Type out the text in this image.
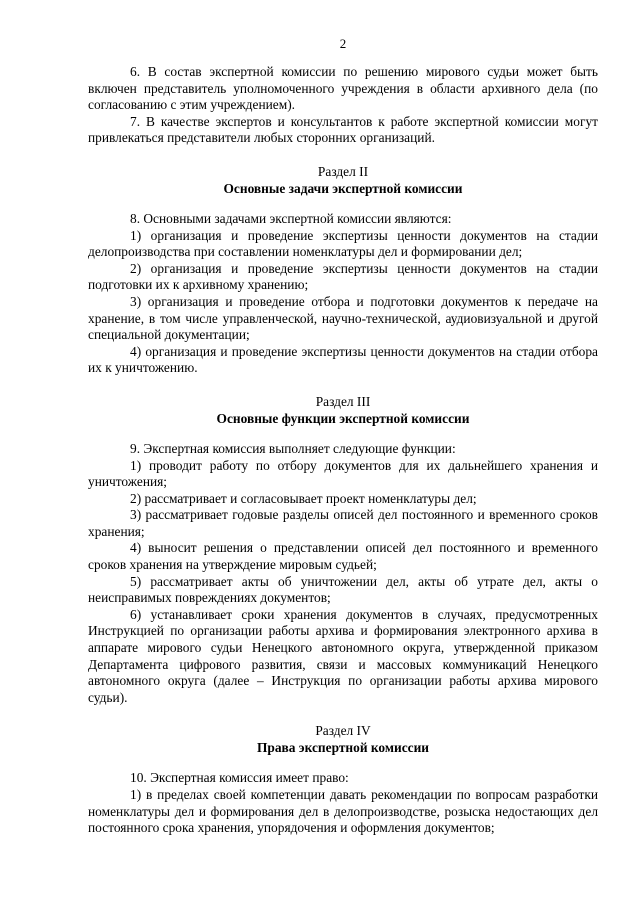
2

6. В состав экспертной комиссии по решению мирового судьи может быть включен представитель уполномоченного учреждения в области архивного дела (по согласованию с этим учреждением).

7. В качестве экспертов и консультантов к работе экспертной комиссии могут привлекаться представители любых сторонних организаций.

Раздел II
Основные задачи экспертной комиссии

8. Основными задачами экспертной комиссии являются:

1) организация и проведение экспертизы ценности документов на стадии делопроизводства при составлении номенклатуры дел и формировании дел;

2) организация и проведение экспертизы ценности документов на стадии подготовки их к архивному хранению;

3) организация и проведение отбора и подготовки документов к передаче на хранение, в том числе управленческой, научно-технической, аудиовизуальной и другой специальной документации;

4) организация и проведение экспертизы ценности документов на стадии отбора их к уничтожению.

Раздел III
Основные функции экспертной комиссии

9. Экспертная комиссия выполняет следующие функции:

1) проводит работу по отбору документов для их дальнейшего хранения и уничтожения;

2) рассматривает и согласовывает проект номенклатуры дел;

3) рассматривает годовые разделы описей дел постоянного и временного сроков хранения;

4) выносит решения о представлении описей дел постоянного и временного сроков хранения на утверждение мировым судьей;

5) рассматривает акты об уничтожении дел, акты об утрате дел, акты о неисправимых повреждениях документов;

6) устанавливает сроки хранения документов в случаях, предусмотренных Инструкцией по организации работы архива и формирования электронного архива в аппарате мирового судьи Ненецкого автономного округа, утвержденной приказом Департамента цифрового развития, связи и массовых коммуникаций Ненецкого автономного округа (далее – Инструкция по организации работы архива мирового судьи).

Раздел IV
Права экспертной комиссии

10. Экспертная комиссия имеет право:

1) в пределах своей компетенции давать рекомендации по вопросам разработки номенклатуры дел и формирования дел в делопроизводстве, розыска недостающих дел постоянного срока хранения, упорядочения и оформления документов;
